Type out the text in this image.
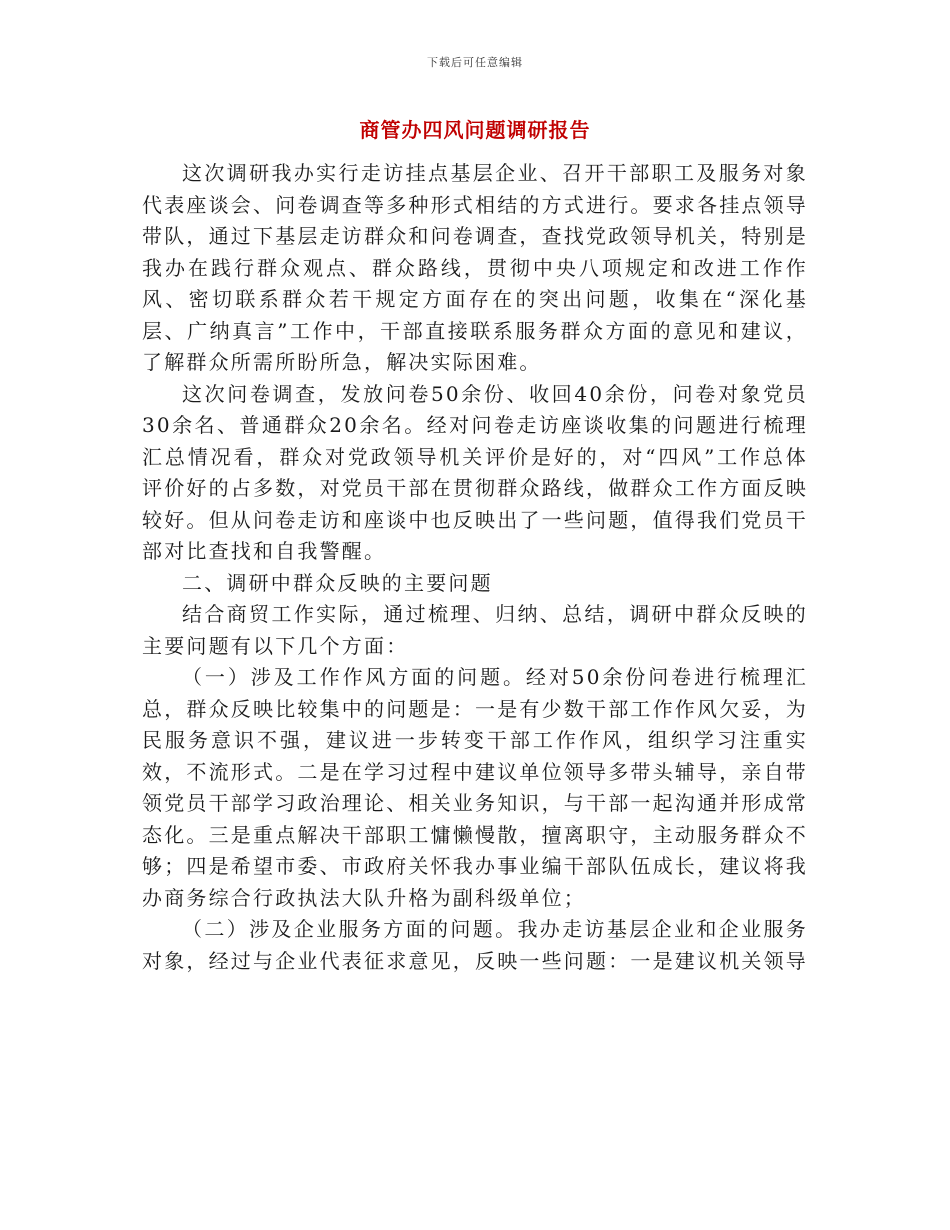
下载后可任意编辑
商管办四风问题调研报告

这次调研我办实行走访挂点基层企业、召开干部职工及服务对象代表座谈会、问卷调查等多种形式相结的方式进行。要求各挂点领导带队，通过下基层走访群众和问卷调查，查找党政领导机关，特别是我办在践行群众观点、群众路线，贯彻中央八项规定和改进工作作风、密切联系群众若干规定方面存在的突出问题，收集在“深化基层、广纳真言”工作中，干部直接联系服务群众方面的意见和建议，了解群众所需所盼所急，解决实际困难。

这次问卷调查，发放问卷50余份、收回40余份，问卷对象党员30余名、普通群众20余名。经对问卷走访座谈收集的问题进行梳理汇总情况看，群众对党政领导机关评价是好的，对“四风”工作总体评价好的占多数，对党员干部在贯彻群众路线，做群众工作方面反映较好。但从问卷走访和座谈中也反映出了一些问题，值得我们党员干部对比查找和自我警醒。

二、调研中群众反映的主要问题

结合商贸工作实际，通过梳理、归纳、总结，调研中群众反映的主要问题有以下几个方面：

（一）涉及工作作风方面的问题。经对50余份问卷进行梳理汇总，群众反映比较集中的问题是：一是有少数干部工作作风欠妥，为民服务意识不强，建议进一步转变干部工作作风，组织学习注重实效，不流形式。二是在学习过程中建议单位领导多带头辅导，亲自带领党员干部学习政治理论、相关业务知识，与干部一起沟通并形成常态化。三是重点解决干部职工慵懒慢散，擅离职守，主动服务群众不够；四是希望市委、市政府关怀我办事业编干部队伍成长，建议将我办商务综合行政执法大队升格为副科级单位；

（二）涉及企业服务方面的问题。我办走访基层企业和企业服务对象，经过与企业代表征求意见，反映一些问题：一是建议机关领导
